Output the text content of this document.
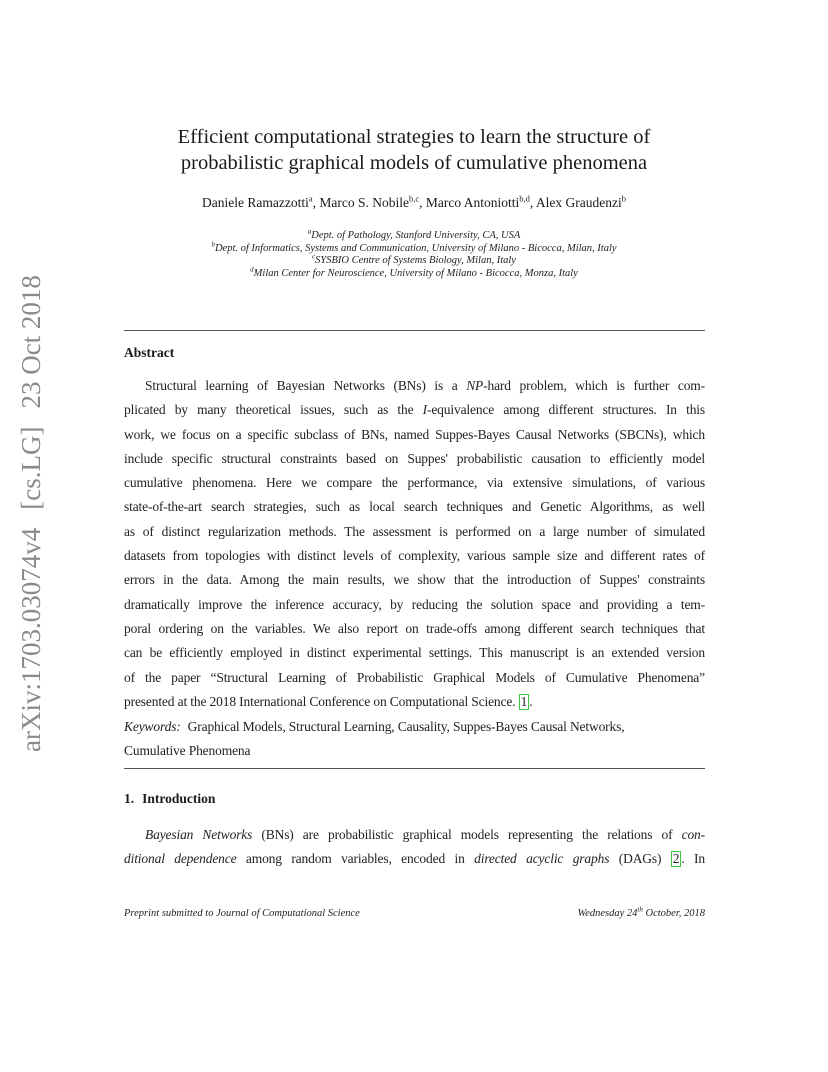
arXiv:1703.03074v4[cs.LG]23 Oct 2018
Efficient computational strategies to learn the structure of
probabilistic graphical models of cumulative phenomena
Daniele Ramazzotti$^a$, Marco S. Nobile$^{b,c}$, Marco Antoniotti$^{b,d}$, Alex Graudenzi$^b$
$^a$Dept. of Pathology, Stanford University, CA, USA
$^b$Dept. of Informatics, Systems and Communication, University of Milano - Bicocca, Milan, Italy
$^c$SYSBIO Centre of Systems Biology, Milan, Italy
$^d$Milan Center for Neuroscience, University of Milano - Bicocca, Monza, Italy
Abstract
Structural learning of Bayesian Networks (BNs) is a NP-hard problem, which is further com-
plicated by many theoretical issues, such as the I-equivalence among different structures. In this
work, we focus on a specific subclass of BNs, named Suppes-Bayes Causal Networks (SBCNs), which
include specific structural constraints based on Suppes' probabilistic causation to efficiently model
cumulative phenomena. Here we compare the performance, via extensive simulations, of various
state-of-the-art search strategies, such as local search techniques and Genetic Algorithms, as well
as of distinct regularization methods. The assessment is performed on a large number of simulated
datasets from topologies with distinct levels of complexity, various sample size and different rates of
errors in the data. Among the main results, we show that the introduction of Suppes' constraints
dramatically improve the inference accuracy, by reducing the solution space and providing a tem-
poral ordering on the variables. We also report on trade-offs among different search techniques that
can be efficiently employed in distinct experimental settings. This manuscript is an extended version
of the paper “Structural Learning of Probabilistic Graphical Models of Cumulative Phenomena”
presented at the 2018 International Conference on Computational Science. 1 .
Keywords: Graphical Models, Structural Learning, Causality, Suppes-Bayes Causal Networks,
Cumulative Phenomena
1. Introduction
Bayesian Networks (BNs) are probabilistic graphical models representing the relations of con-
ditional dependence among random variables, encoded in directed acyclic graphs (DAGs) 2 . In
Preprint submitted to Journal of Computational Science	Wednesday 24th October, 2018
